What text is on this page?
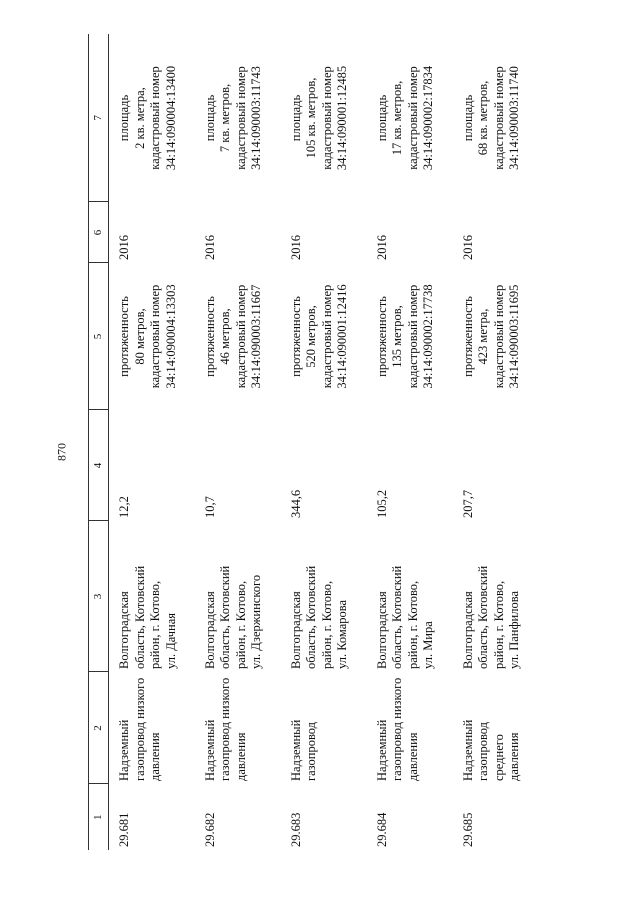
870
1	2	3	4	5	6	7
29.681	Надземный
газопровод низкого
давления	Волгоградская
область, Котовский
район, г. Котово,
ул. Дачная	12,2	протяженность
80 метров,
кадастровый номер
34:14:090004:13303	2016	площадь
2 кв. метра,
кадастровый номер
34:14:090004:13400
29.682	Надземный
газопровод низкого
давления	Волгоградская
область, Котовский
район, г. Котово,
ул. Дзержинского	10,7	протяженность
46 метров,
кадастровый номер
34:14:090003:11667	2016	площадь
7 кв. метров,
кадастровый номер
34:14:090003:11743
29.683	Надземный
газопровод	Волгоградская
область, Котовский
район, г. Котово,
ул. Комарова	344,6	протяженность
520 метров,
кадастровый номер
34:14:090001:12416	2016	площадь
105 кв. метров,
кадастровый номер
34:14:090001:12485
29.684	Надземный
газопровод низкого
давления	Волгоградская
область, Котовский
район, г. Котово,
ул. Мира	105,2	протяженность
135 метров,
кадастровый номер
34:14:090002:17738	2016	площадь
17 кв. метров,
кадастровый номер
34:14:090002:17834
29.685	Надземный
газопровод среднего
давления	Волгоградская
область, Котовский
район, г. Котово,
ул. Панфилова	207,7	протяженность
423 метра,
кадастровый номер
34:14:090003:11695	2016	площадь
68 кв. метров,
кадастровый номер
34:14:090003:11740
